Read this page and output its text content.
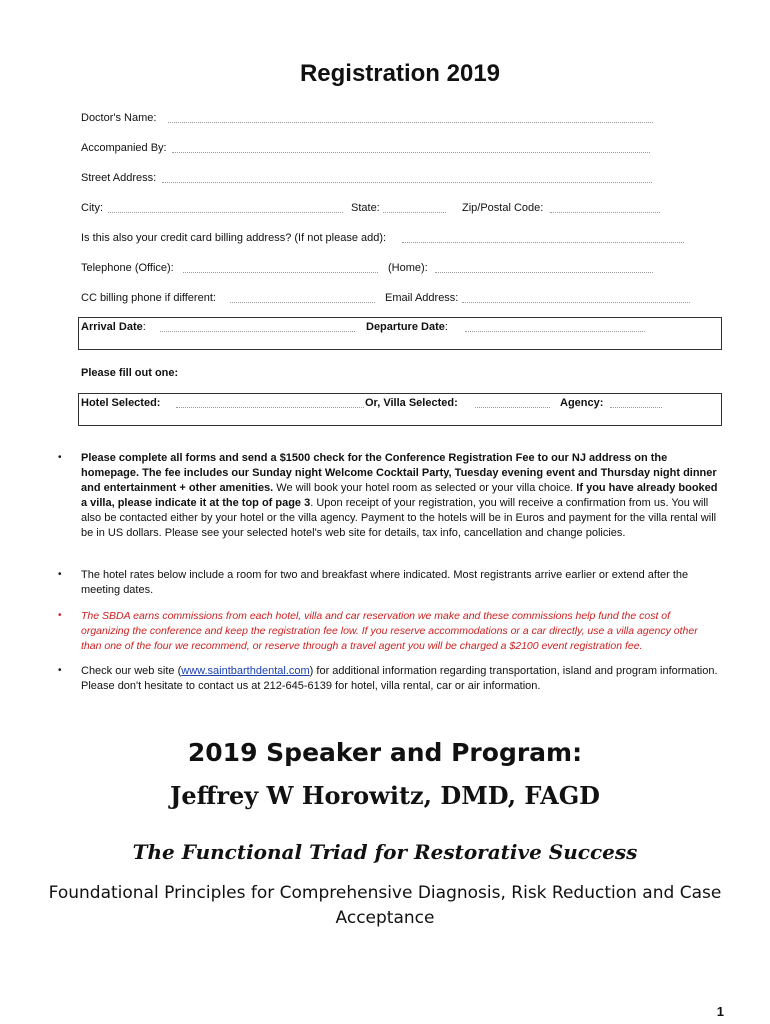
Registration 2019
Doctor's Name:
Accompanied By:
Street Address:
City:	State:	Zip/Postal Code:
Is this also your credit card billing address? (If not please add):
Telephone (Office):	(Home):
CC billing phone if different:	Email Address:
Arrival Date:	Departure Date:
Please fill out one:
Hotel Selected:	Or, Villa Selected:	Agency:
• Please complete all forms and send a $1500 check for the Conference Registration Fee to our NJ address on the homepage. The fee includes our Sunday night Welcome Cocktail Party, Tuesday evening event and Thursday night dinner and entertainment + other amenities. We will book your hotel room as selected or your villa choice. If you have already booked a villa, please indicate it at the top of page 3. Upon receipt of your registration, you will receive a confirmation from us. You will also be contacted either by your hotel or the villa agency. Payment to the hotels will be in Euros and payment for the villa rental will be in US dollars. Please see your selected hotel's web site for details, tax info, cancellation and change policies.
• The hotel rates below include a room for two and breakfast where indicated. Most registrants arrive earlier or extend after the meeting dates.
• The SBDA earns commissions from each hotel, villa and car reservation we make and these commissions help fund the cost of organizing the conference and keep the registration fee low. If you reserve accommodations or a car directly, use a villa agency other than one of the four we recommend, or reserve through a travel agent you will be charged a $2100 event registration fee.
• Check our web site (www.saintbarthdental.com) for additional information regarding transportation, island and program information. Please don't hesitate to contact us at 212-645-6139 for hotel, villa rental, car or air information.
2019 Speaker and Program:
Jeffrey W Horowitz, DMD, FAGD
The Functional Triad for Restorative Success
Foundational Principles for Comprehensive Diagnosis, Risk Reduction and Case Acceptance
1
